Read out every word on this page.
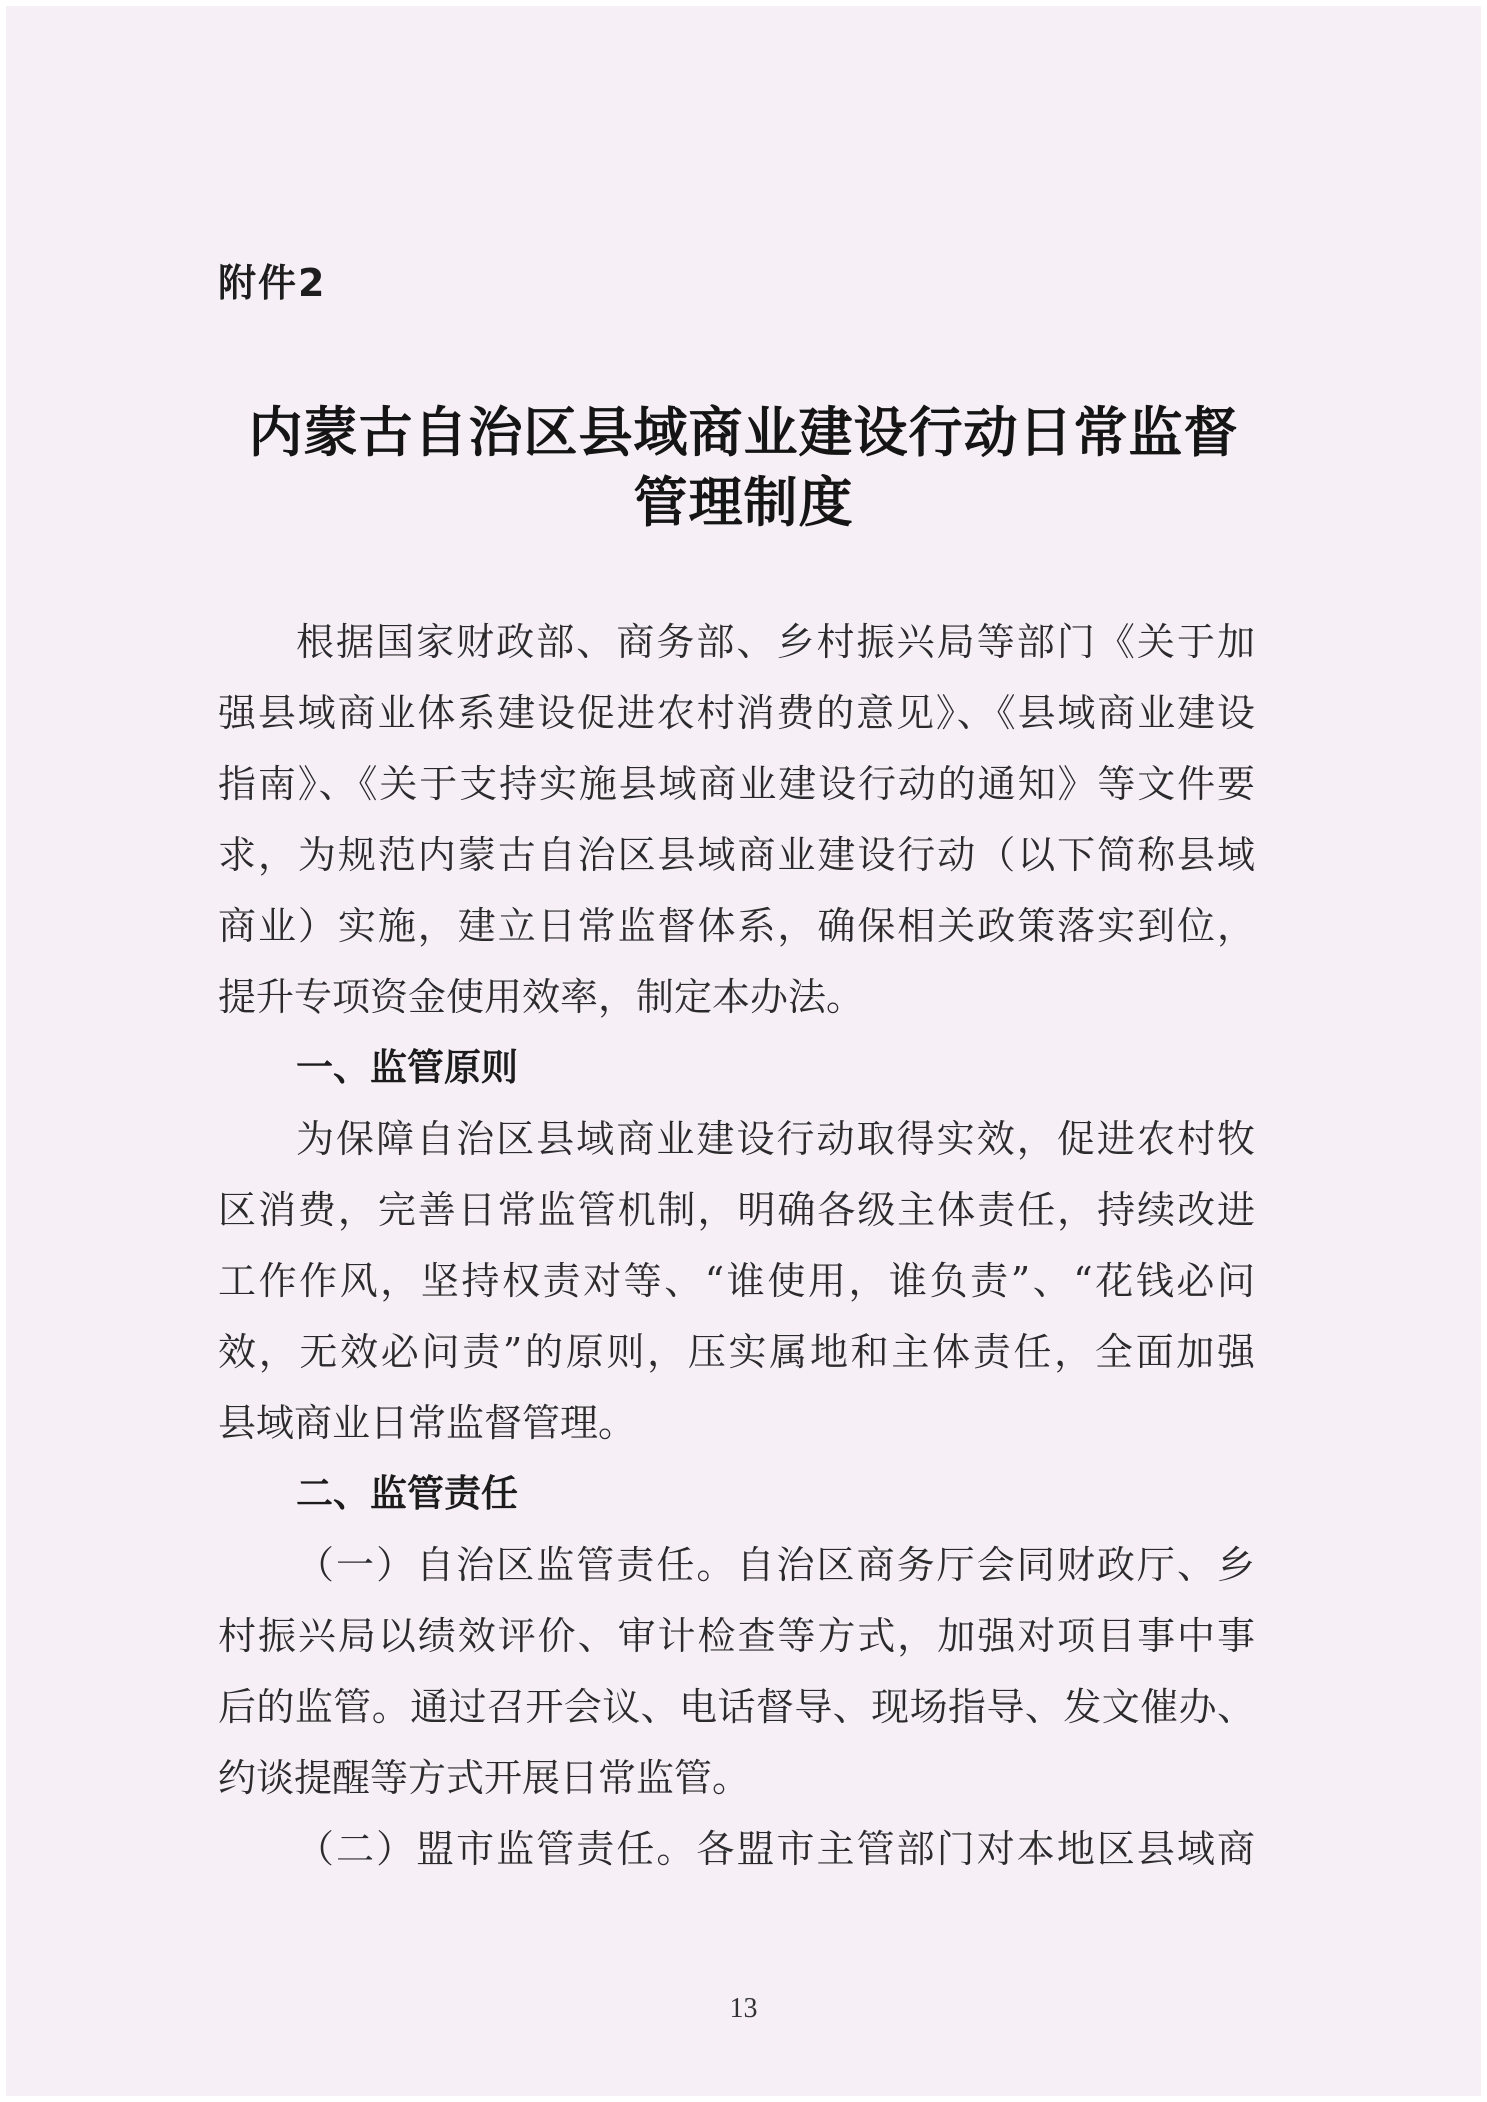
附件2
内蒙古自治区县域商业建设行动日常监督
管理制度
根据国家财政部、商务部、乡村振兴局等部门《关于加
强县域商业体系建设促进农村消费的意见》、《县域商业建设
指南》、《关于支持实施县域商业建设行动的通知》等文件要
求，为规范内蒙古自治区县域商业建设行动（以下简称县域
商业）实施，建立日常监督体系，确保相关政策落实到位，
提升专项资金使用效率，制定本办法。
一、监管原则
为保障自治区县域商业建设行动取得实效，促进农村牧
区消费，完善日常监管机制，明确各级主体责任，持续改进
工作作风，坚持权责对等、“谁使用，谁负责”、“花钱必问
效，无效必问责”的原则，压实属地和主体责任，全面加强
县域商业日常监督管理。
二、监管责任
（一）自治区监管责任。自治区商务厅会同财政厅、乡
村振兴局以绩效评价、审计检查等方式，加强对项目事中事
后的监管。通过召开会议、电话督导、现场指导、发文催办、
约谈提醒等方式开展日常监管。
（二）盟市监管责任。各盟市主管部门对本地区县域商
13
